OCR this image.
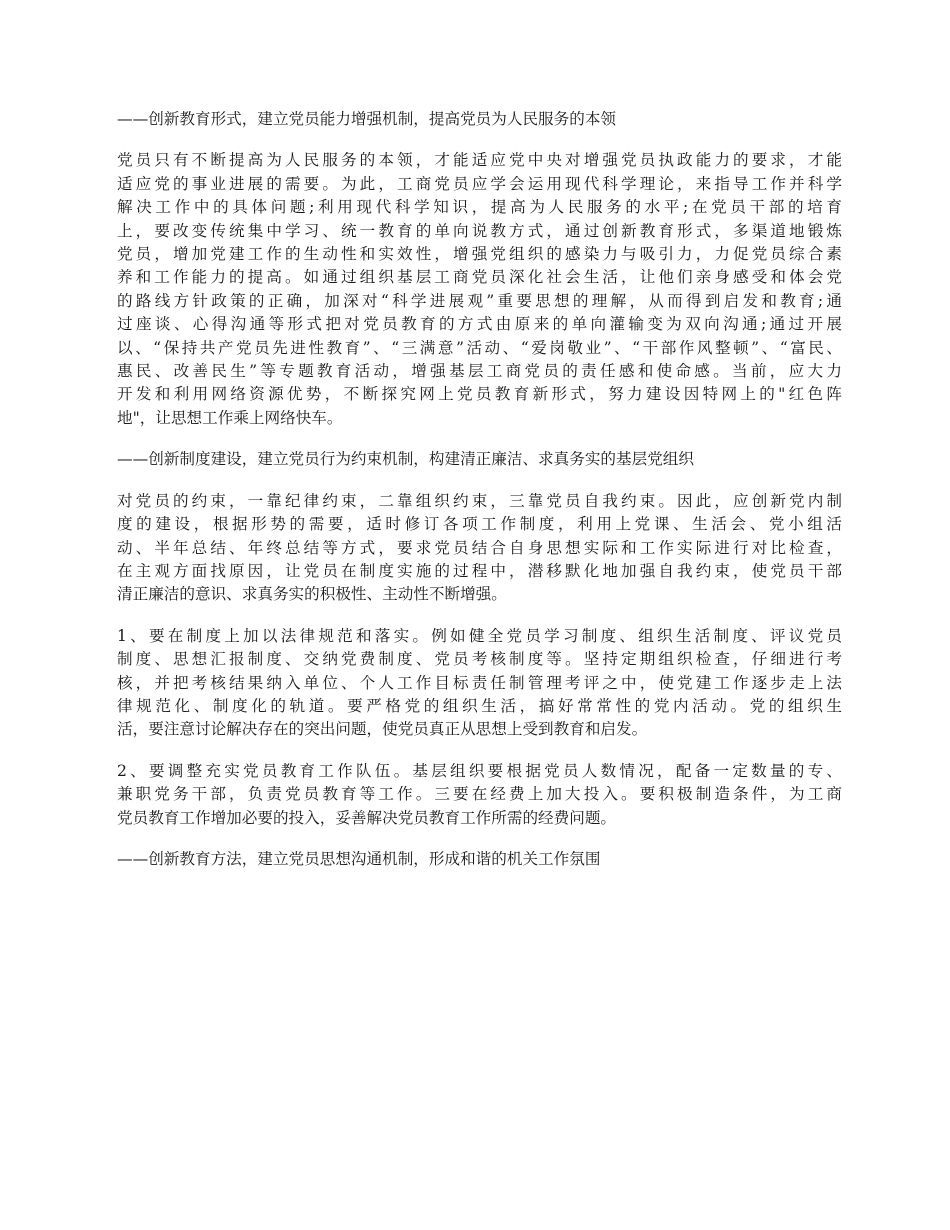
——创新教育形式，建立党员能力增强机制，提高党员为人民服务的本领

党员只有不断提高为人民服务的本领，才能适应党中央对增强党员执政能力的要求，才能
适应党的事业进展的需要。为此，工商党员应学会运用现代科学理论，来指导工作并科学
解决工作中的具体问题;利用现代科学知识，提高为人民服务的水平;在党员干部的培育
上，要改变传统集中学习、统一教育的单向说教方式，通过创新教育形式，多渠道地锻炼
党员，增加党建工作的生动性和实效性，增强党组织的感染力与吸引力，力促党员综合素
养和工作能力的提高。如通过组织基层工商党员深化社会生活，让他们亲身感受和体会党
的路线方针政策的正确，加深对“科学进展观”重要思想的理解，从而得到启发和教育;通
过座谈、心得沟通等形式把对党员教育的方式由原来的单向灌输变为双向沟通;通过开展
以、“保持共产党员先进性教育”、“三满意”活动、“爱岗敬业”、“干部作风整顿”、“富民、
惠民、改善民生”等专题教育活动，增强基层工商党员的责任感和使命感。当前，应大力
开发和利用网络资源优势，不断探究网上党员教育新形式，努力建设因特网上的"红色阵
地"，让思想工作乘上网络快车。

——创新制度建设，建立党员行为约束机制，构建清正廉洁、求真务实的基层党组织

对党员的约束，一靠纪律约束，二靠组织约束，三靠党员自我约束。因此，应创新党内制
度的建设，根据形势的需要，适时修订各项工作制度，利用上党课、生活会、党小组活
动、半年总结、年终总结等方式，要求党员结合自身思想实际和工作实际进行对比检查，
在主观方面找原因，让党员在制度实施的过程中，潜移默化地加强自我约束，使党员干部
清正廉洁的意识、求真务实的积极性、主动性不断增强。
1、要在制度上加以法律规范和落实。例如健全党员学习制度、组织生活制度、评议党员
制度、思想汇报制度、交纳党费制度、党员考核制度等。坚持定期组织检查，仔细进行考
核，并把考核结果纳入单位、个人工作目标责任制管理考评之中，使党建工作逐步走上法
律规范化、制度化的轨道。要严格党的组织生活，搞好常常性的党内活动。党的组织生
活，要注意讨论解决存在的突出问题，使党员真正从思想上受到教育和启发。
2、要调整充实党员教育工作队伍。基层组织要根据党员人数情况，配备一定数量的专、
兼职党务干部，负责党员教育等工作。三要在经费上加大投入。要积极制造条件，为工商
党员教育工作增加必要的投入，妥善解决党员教育工作所需的经费问题。

——创新教育方法，建立党员思想沟通机制，形成和谐的机关工作氛围
